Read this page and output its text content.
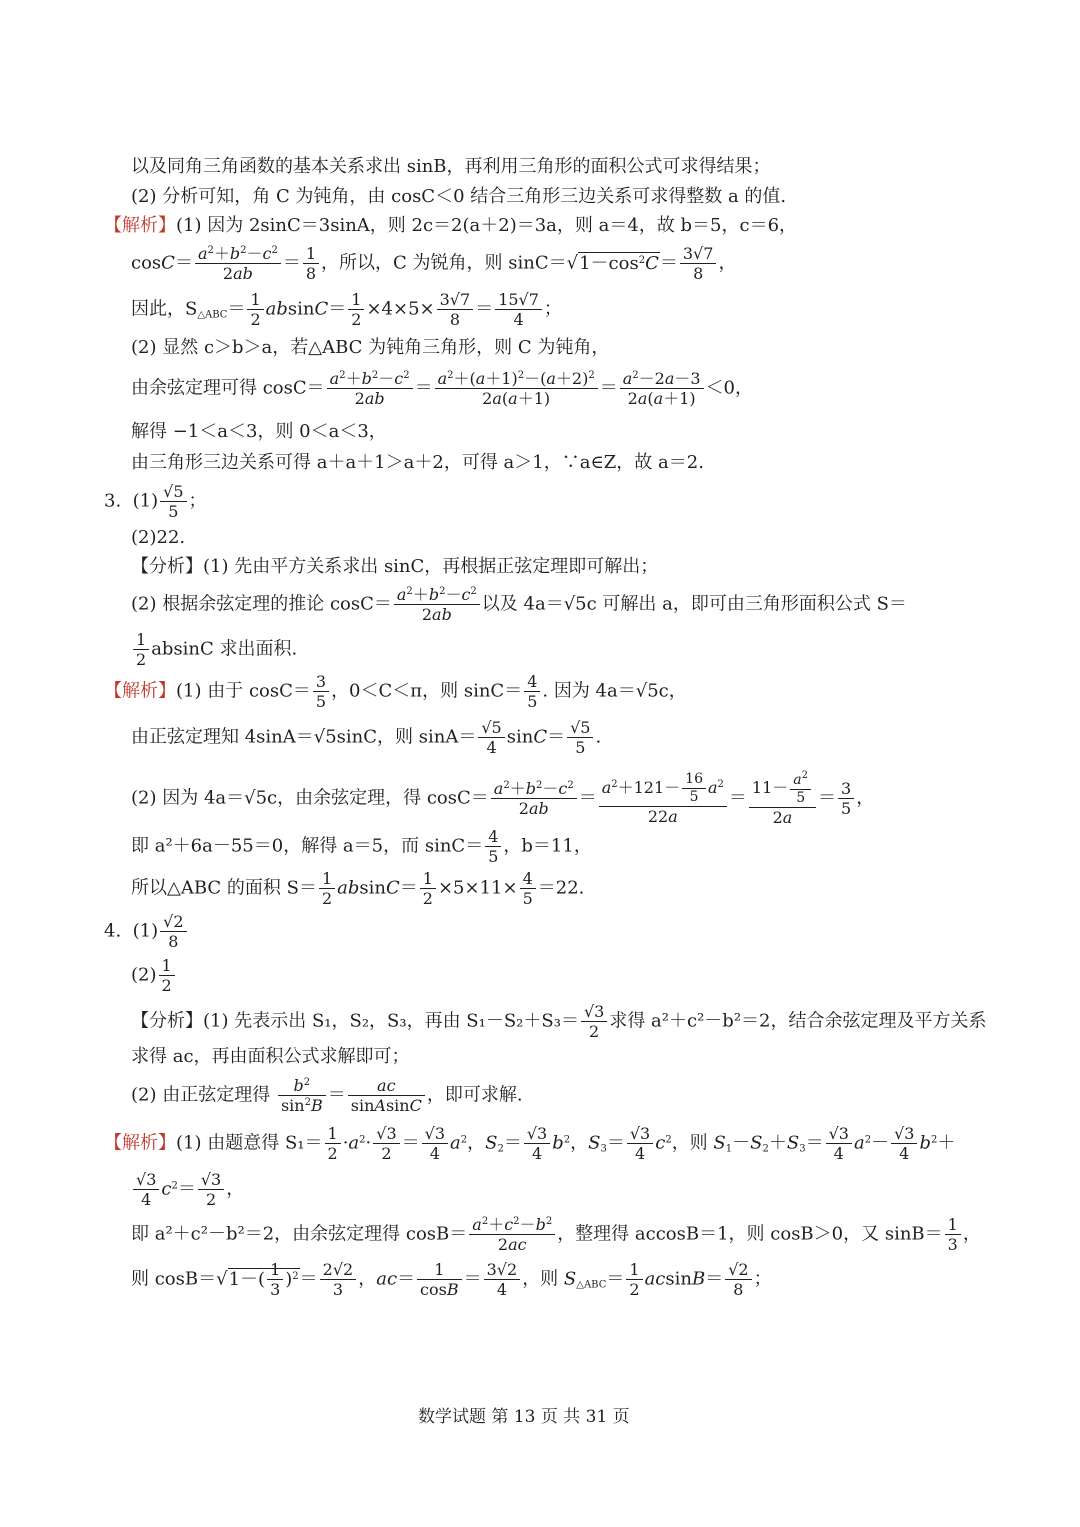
以及同角三角函数的基本关系求出 sinB，再利用三角形的面积公式可求得结果；
(2) 分析可知，角 C 为钝角，由 cosC＜0 结合三角形三边关系可求得整数 a 的值.
【解析】(1) 因为 2sinC＝3sinA，则 2c＝2(a＋2)＝3a，则 a＝4，故 b＝5，c＝6，
$\cos C= \frac{a^2+b^2-c^2}{2ab} = \frac{1}{8}$ ，所以，C 为锐角，则 $\sin C=√1-\cos^2C= \frac{3√7}{8}$ ，
因此，$S_{\triangle ABC}= \frac{1}{2} absinC= \frac{1}{2} \times 4\times 5\times \frac{3√7}{8} = \frac{15√7}{4}$ ；
(2) 显然 c＞b＞a，若△ABC 为钝角三角形，则 C 为钝角，
由余弦定理可得 $\cos C= \frac{a^2+b^2-c^2}{2ab} = \frac{a^2+(a+1)^2-(a+2)^2}{2a(a+1)} = \frac{a^2-2a-3}{2a(a+1)} <0$，
解得 −1＜a＜3，则 0＜a＜3，
由三角形三边关系可得 a＋a＋1＞a＋2，可得 a＞1，∵a∈Z，故 a＝2.
3. $(1) \frac{√5}{5}$ ；
(2)22.
【分析】(1) 先由平方关系求出 sinC，再根据正弦定理即可解出；
(2) 根据余弦定理的推论 $\cos C= \frac{a^2+b^2-c^2}{2ab}$ 以及 4a＝√5c 可解出 a，即可由三角形面积公式 S＝
$\frac{1}{2}$ absinC 求出面积.
【解析】(1) 由于 $\cos C= \frac{3}{5}$ ，0＜C＜π，则 $\sin C= \frac{4}{5}$ . 因为 4a＝√5c，
由正弦定理知 4sinA＝√5sinC，则 $\sin A= \frac{√5}{4} \sin C= \frac{√5}{5}$ .
(2) 因为 4a＝√5c，由余弦定理，得 $\cos C= \frac{a^2+b^2-c^2}{2ab} = \frac{a^2+121- \frac{16}{5} a^2}{22a} = \frac{11- \frac{a^2}{5}}{2a} = \frac{3}{5}$ ，
即 a²＋6a－55＝0，解得 a＝5，而 $\sin C= \frac{4}{5}$ ，b＝11，
所以△ABC 的面积 $S= \frac{1}{2} absinC= \frac{1}{2} \times 5\times 11\times \frac{4}{5} =22$.
4. $(1) \frac{√2}{8}$
$(2) \frac{1}{2}$
【分析】(1) 先表示出 S₁，S₂，S₃，再由 $S_1-S_2+S_3= \frac{√3}{2}$ 求得 a²＋c²－b²＝2，结合余弦定理及平方关系
求得 ac，再由面积公式求解即可；
(2) 由正弦定理得 $\frac{b^2}{\sin^2B} = \frac{ac}{\text{sinAsinC}}$ ，即可求解.
【解析】(1) 由题意得 $S_1= \frac{1}{2} \cdot a^2\cdot \frac{√3}{2} = \frac{√3}{4} a^2$，$S_2= \frac{√3}{4} b^2$，$S_3= \frac{√3}{4} c^2$，则 $S_1-S_2+S_3= \frac{√3}{4} a^2- \frac{√3}{4} b^2+$
$\frac{√3}{4} c^2= \frac{√3}{2}$ ，
即 a²＋c²－b²＝2，由余弦定理得 $\cos B= \frac{a^2+c^2-b^2}{2ac}$ ，整理得 accosB＝1，则 cosB＞0，又 $\sin B= \frac{1}{3}$ ，
则 $\cos B=√1-( \frac{1}{3} )^2= \frac{2√2}{3}$ ，$ac= \frac{1}{\cos B} = \frac{3√2}{4}$ ，则 $S_{\triangle ABC}= \frac{1}{2} acsinB= \frac{√2}{8}$ ；
数学试题 第 13 页 共 31 页
